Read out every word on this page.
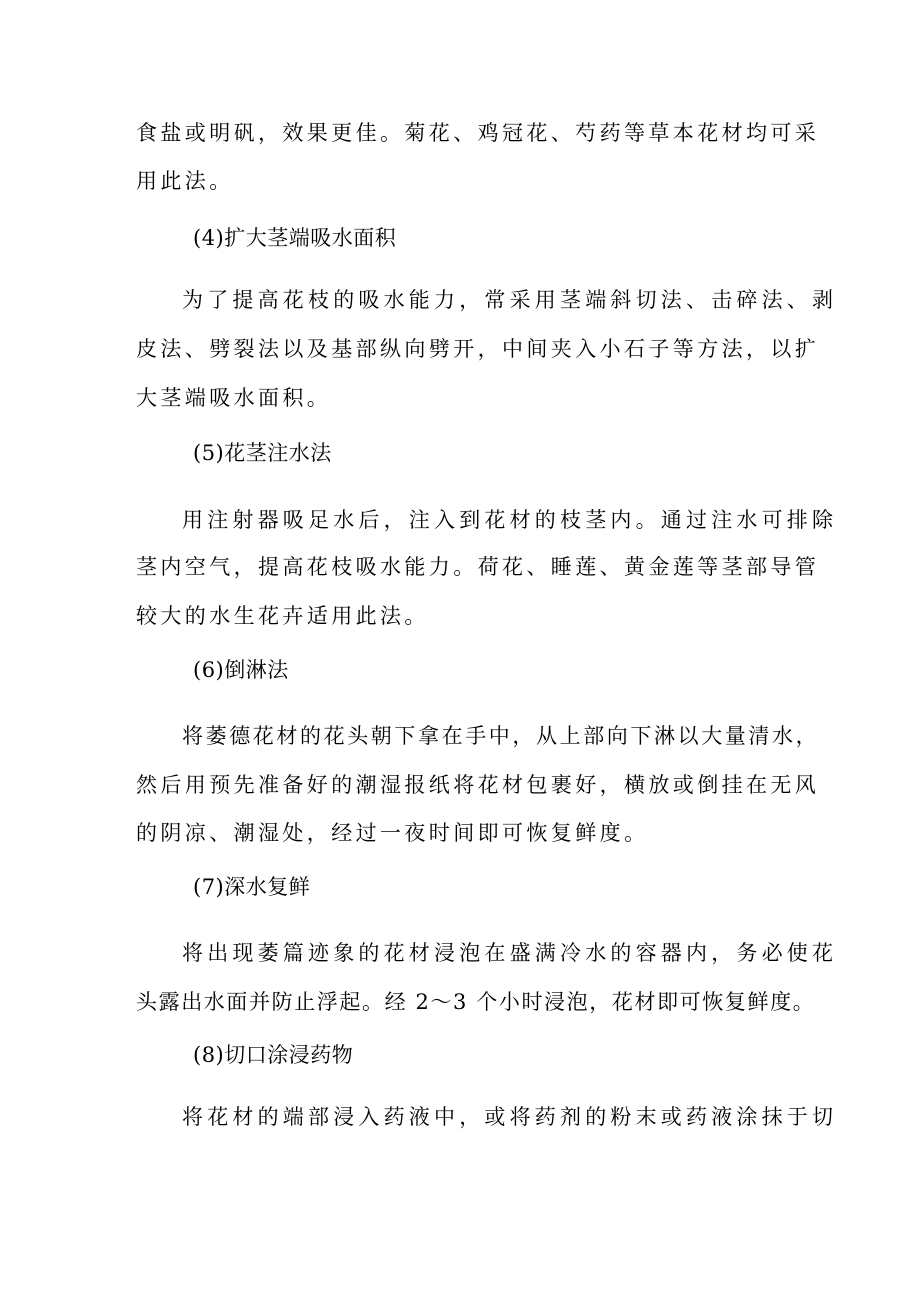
食盐或明矾，效果更佳。菊花、鸡冠花、芍药等草本花材均可采
用此法。
(4)扩大茎端吸水面积
为了提高花枝的吸水能力，常采用茎端斜切法、击碎法、剥
皮法、劈裂法以及基部纵向劈开，中间夹入小石子等方法，以扩
大茎端吸水面积。
(5)花茎注水法
用注射器吸足水后，注入到花材的枝茎内。通过注水可排除
茎内空气，提高花枝吸水能力。荷花、睡莲、黄金莲等茎部导管
较大的水生花卉适用此法。
(6)倒淋法
将萎德花材的花头朝下拿在手中，从上部向下淋以大量清水，
然后用预先准备好的潮湿报纸将花材包裹好，横放或倒挂在无风
的阴凉、潮湿处，经过一夜时间即可恢复鲜度。
(7)深水复鲜
将出现萎篇迹象的花材浸泡在盛满冷水的容器内，务必使花
头露出水面并防止浮起。经 2～3 个小时浸泡，花材即可恢复鲜度。
(8)切口涂浸药物
将花材的端部浸入药液中，或将药剂的粉末或药液涂抹于切
